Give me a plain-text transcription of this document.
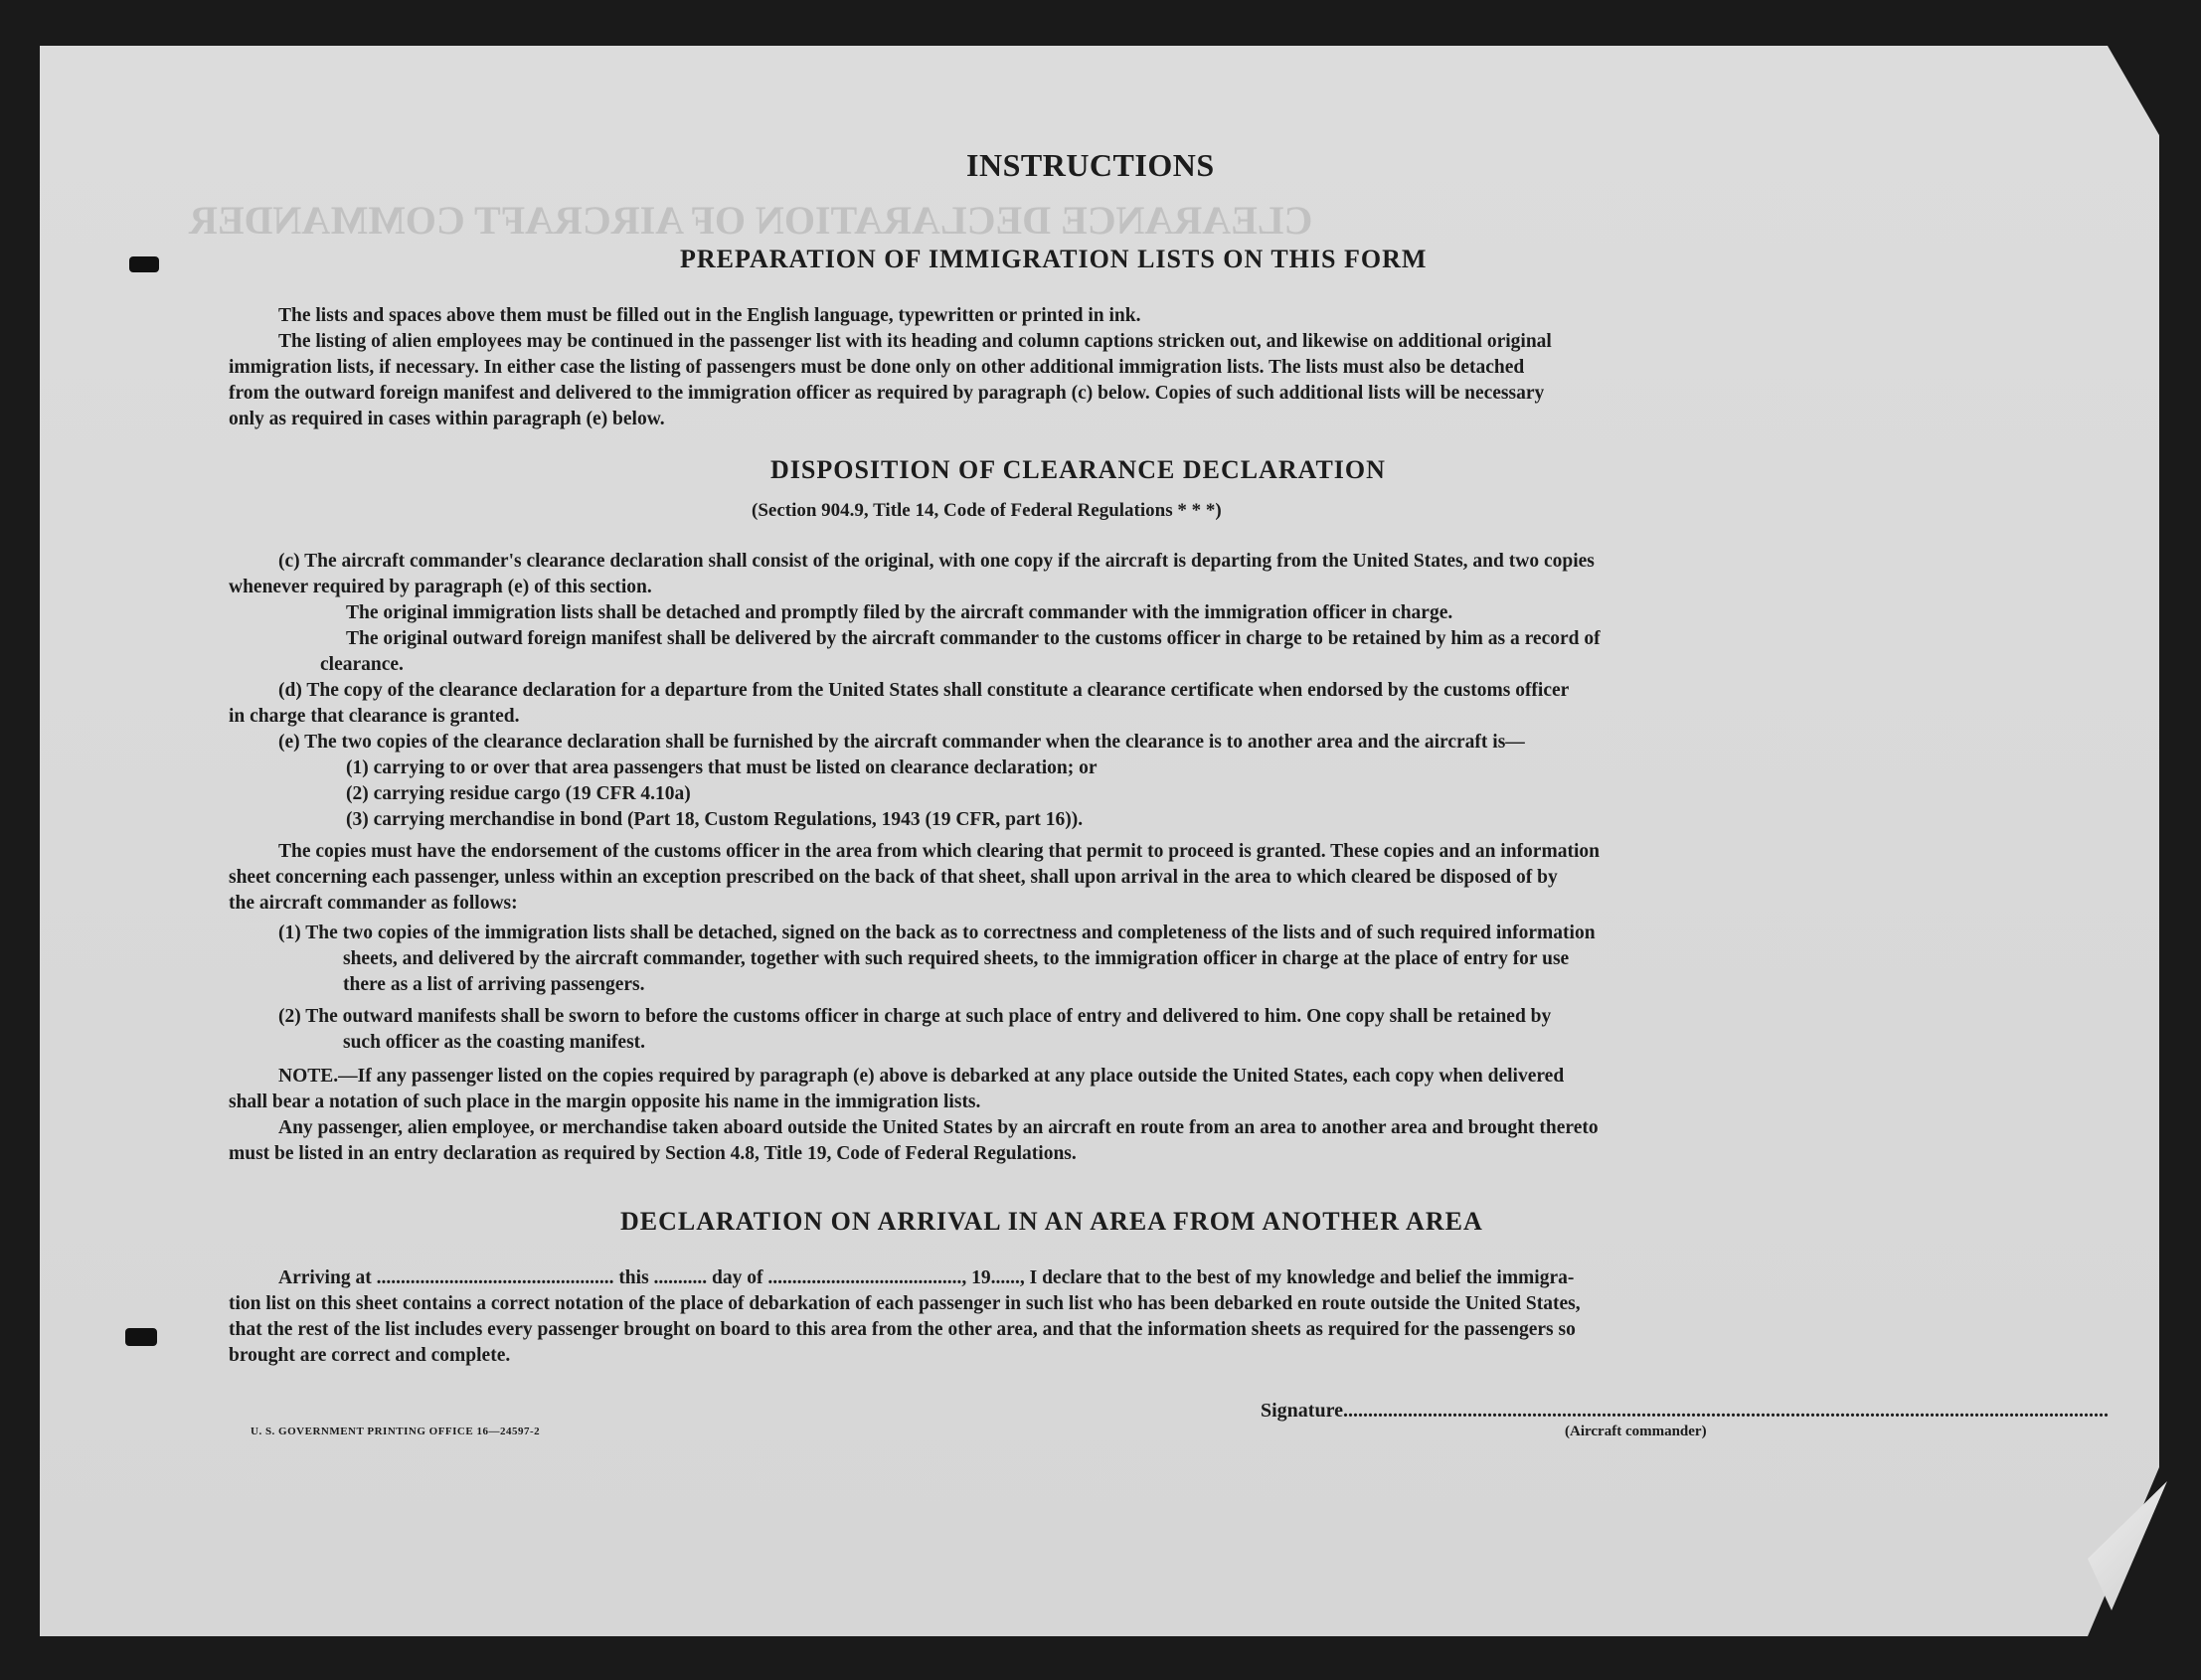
CLEARANCE DECLARATION OF AIRCRAFT COMMANDER
INSTRUCTIONS
PREPARATION OF IMMIGRATION LISTS ON THIS FORM
The lists and spaces above them must be filled out in the English language, typewritten or printed in ink.
The listing of alien employees may be continued in the passenger list with its heading and column captions stricken out, and likewise on additional original
immigration lists, if necessary. In either case the listing of passengers must be done only on other additional immigration lists. The lists must also be detached
from the outward foreign manifest and delivered to the immigration officer as required by paragraph (c) below. Copies of such additional lists will be necessary
only as required in cases within paragraph (e) below.
DISPOSITION OF CLEARANCE DECLARATION
(Section 904.9, Title 14, Code of Federal Regulations * * *)
(c) The aircraft commander's clearance declaration shall consist of the original, with one copy if the aircraft is departing from the United States, and two copies
whenever required by paragraph (e) of this section.
The original immigration lists shall be detached and promptly filed by the aircraft commander with the immigration officer in charge.
The original outward foreign manifest shall be delivered by the aircraft commander to the customs officer in charge to be retained by him as a record of
clearance.
(d) The copy of the clearance declaration for a departure from the United States shall constitute a clearance certificate when endorsed by the customs officer
in charge that clearance is granted.
(e) The two copies of the clearance declaration shall be furnished by the aircraft commander when the clearance is to another area and the aircraft is—
(1) carrying to or over that area passengers that must be listed on clearance declaration; or
(2) carrying residue cargo (19 CFR 4.10a)
(3) carrying merchandise in bond (Part 18, Custom Regulations, 1943 (19 CFR, part 16)).
The copies must have the endorsement of the customs officer in the area from which clearing that permit to proceed is granted. These copies and an information
sheet concerning each passenger, unless within an exception prescribed on the back of that sheet, shall upon arrival in the area to which cleared be disposed of by
the aircraft commander as follows:
(1) The two copies of the immigration lists shall be detached, signed on the back as to correctness and completeness of the lists and of such required information
sheets, and delivered by the aircraft commander, together with such required sheets, to the immigration officer in charge at the place of entry for use
there as a list of arriving passengers.
(2) The outward manifests shall be sworn to before the customs officer in charge at such place of entry and delivered to him. One copy shall be retained by
such officer as the coasting manifest.
NOTE.—If any passenger listed on the copies required by paragraph (e) above is debarked at any place outside the United States, each copy when delivered
shall bear a notation of such place in the margin opposite his name in the immigration lists.
Any passenger, alien employee, or merchandise taken aboard outside the United States by an aircraft en route from an area to another area and brought thereto
must be listed in an entry declaration as required by Section 4.8, Title 19, Code of Federal Regulations.
DECLARATION ON ARRIVAL IN AN AREA FROM ANOTHER AREA
Arriving at ................................................. this ........... day of ........................................, 19......, I declare that to the best of my knowledge and belief the immigra-
tion list on this sheet contains a correct notation of the place of debarkation of each passenger in such list who has been debarked en route outside the United States,
that the rest of the list includes every passenger brought on board to this area from the other area, and that the information sheets as required for the passengers so
brought are correct and complete.
U. S. GOVERNMENT PRINTING OFFICE 16—24597-2
Signature..........................................................................................................................................................
(Aircraft commander)
